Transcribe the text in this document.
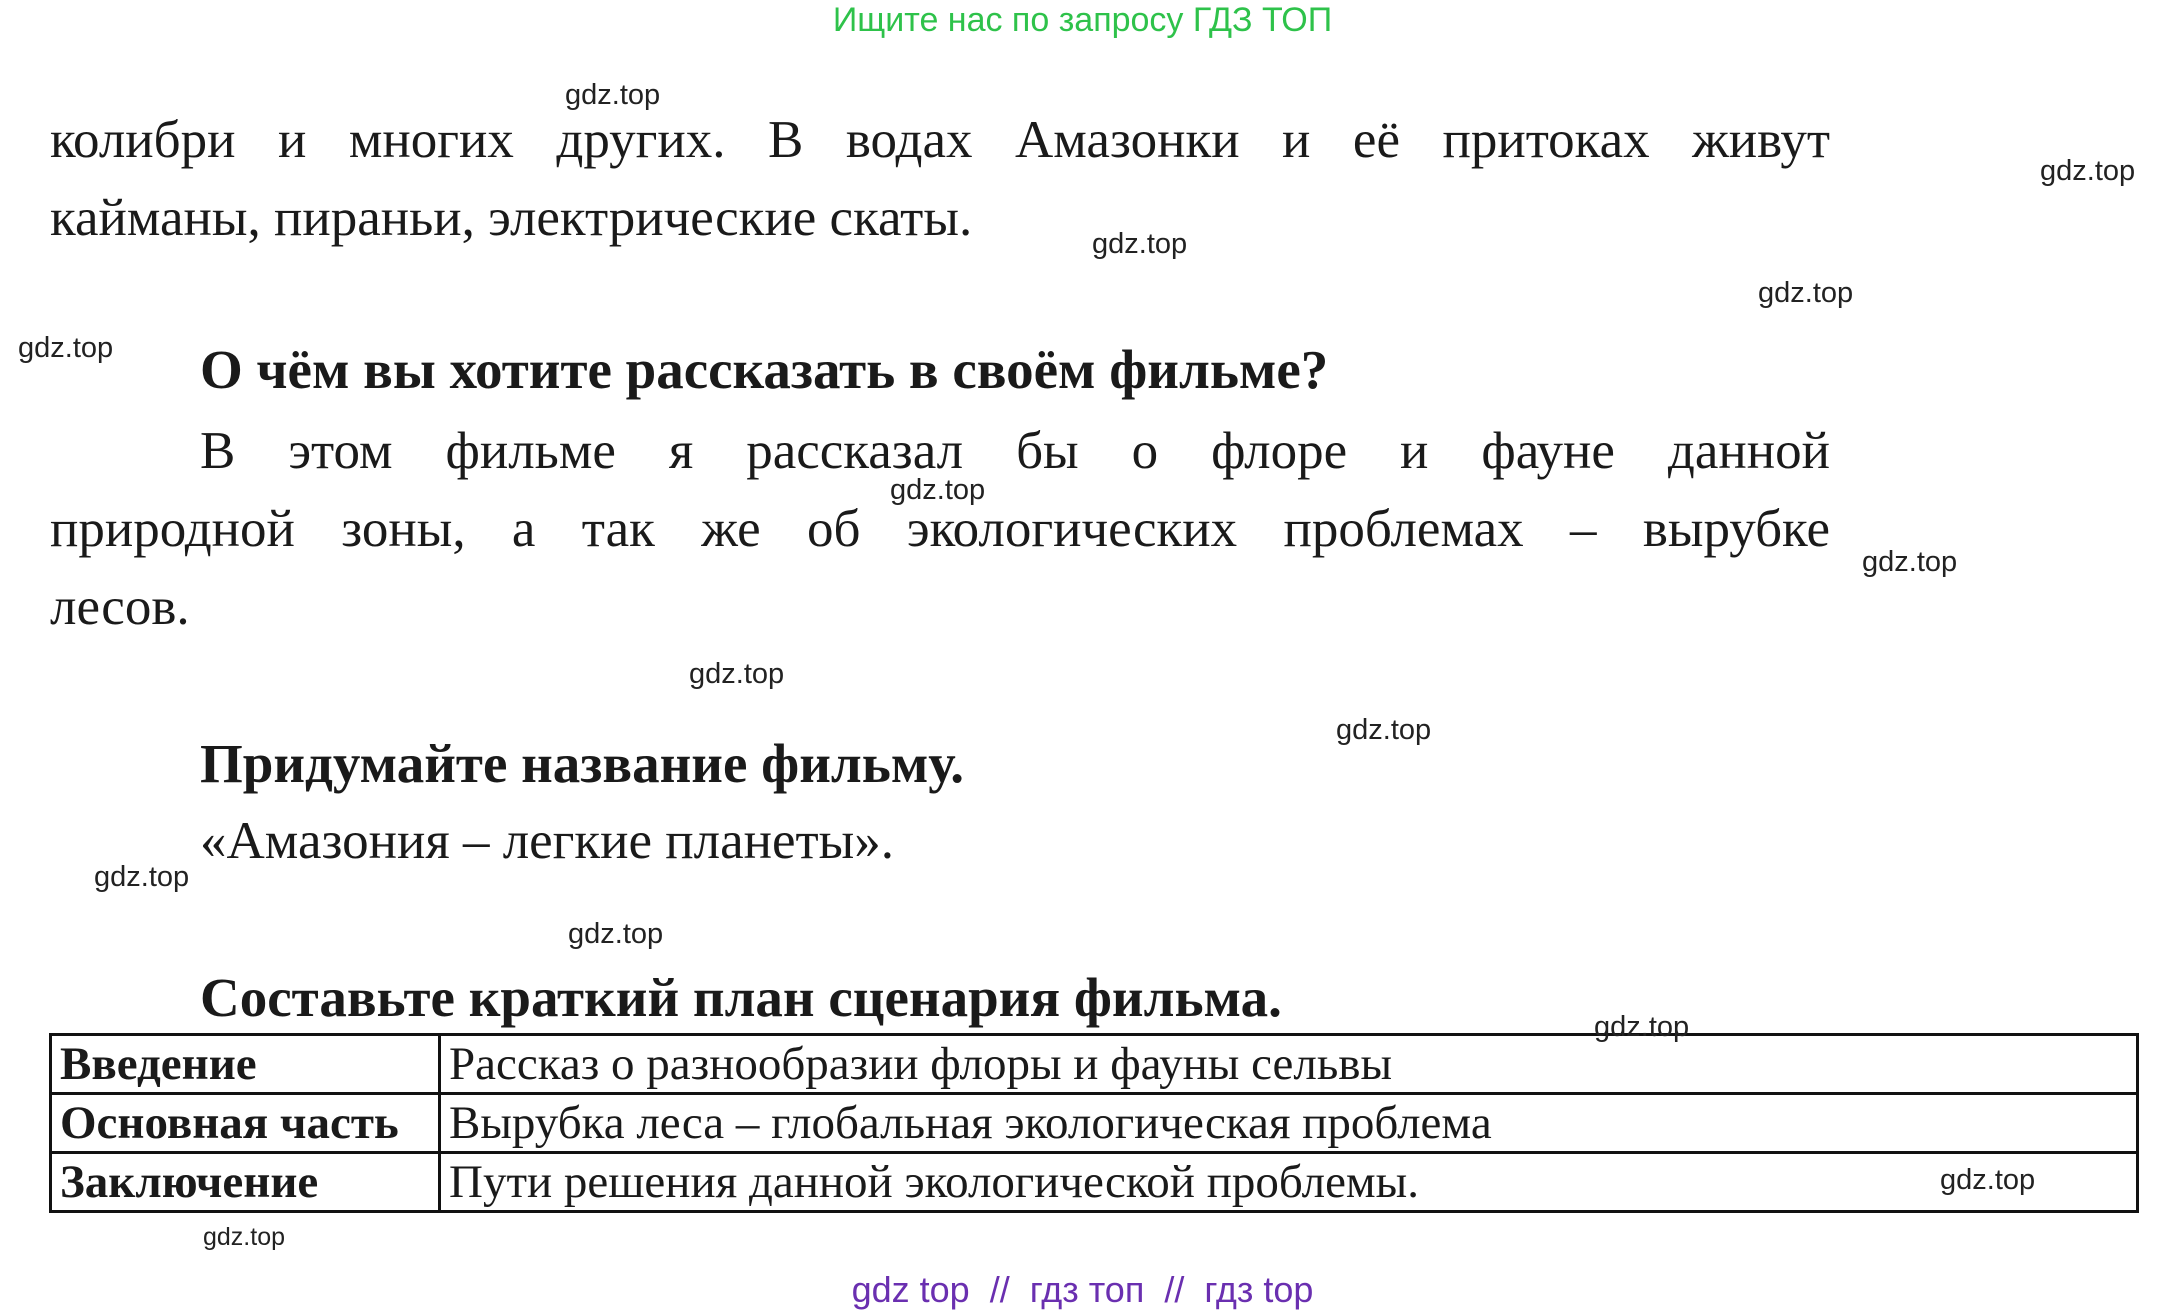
Ищите нас по запросу ГДЗ ТОП
колибри и многих других. В водах Амазонки и её притоках живут
кайманы, пираньи, электрические скаты.
О чём вы хотите рассказать в своём фильме?
В этом фильме я рассказал бы о флоре и фауне данной
природной зоны, а так же об экологических проблемах – вырубке
лесов.
Придумайте название фильму.
«Амазония – легкие планеты».
Составьте краткий план сценария фильма.
Введение	Рассказ о разнообразии флоры и фауны сельвы
Основная часть	Вырубка леса – глобальная экологическая проблема
Заключение	Пути решения данной экологической проблемы.
gdz.top
gdz.top
gdz.top
gdz.top
gdz.top
gdz.top
gdz.top
gdz.top
gdz.top
gdz.top
gdz.top
gdz.top
gdz.top
gdz.top
gdz top  //  гдз топ  //  гдз top
